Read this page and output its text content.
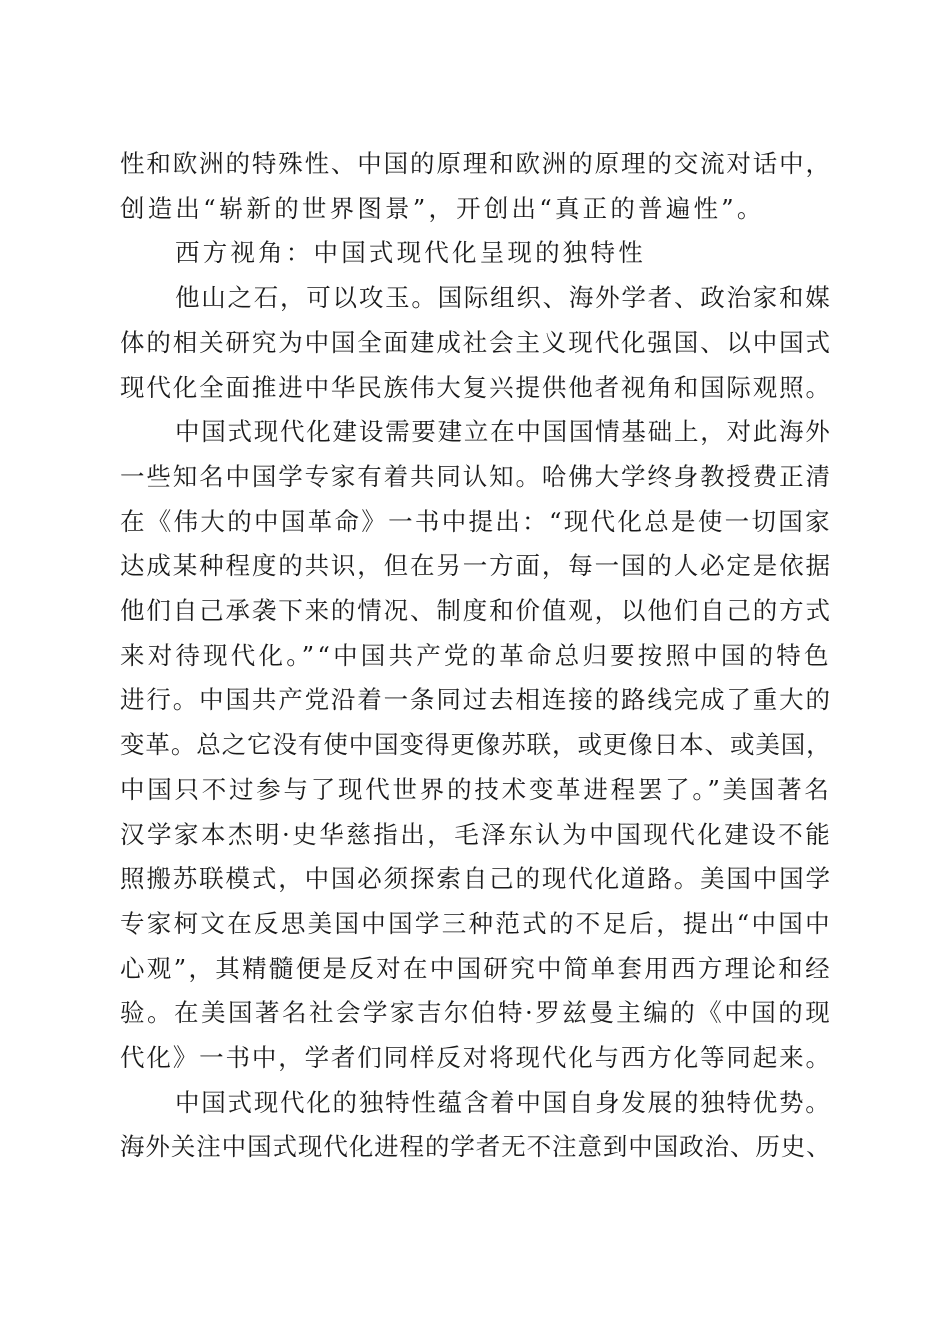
性和欧洲的特殊性、中国的原理和欧洲的原理的交流对话中，
创造出“崭新的世界图景”，开创出“真正的普遍性”。

西方视角：中国式现代化呈现的独特性

他山之石，可以攻玉。国际组织、海外学者、政治家和媒
体的相关研究为中国全面建成社会主义现代化强国、以中国式
现代化全面推进中华民族伟大复兴提供他者视角和国际观照。

中国式现代化建设需要建立在中国国情基础上，对此海外
一些知名中国学专家有着共同认知。哈佛大学终身教授费正清
在《伟大的中国革命》一书中提出：“现代化总是使一切国家
达成某种程度的共识，但在另一方面，每一国的人必定是依据
他们自己承袭下来的情况、制度和价值观，以他们自己的方式
来对待现代化。”“中国共产党的革命总归要按照中国的特色
进行。中国共产党沿着一条同过去相连接的路线完成了重大的
变革。总之它没有使中国变得更像苏联，或更像日本、或美国，
中国只不过参与了现代世界的技术变革进程罢了。”美国著名
汉学家本杰明·史华慈指出，毛泽东认为中国现代化建设不能
照搬苏联模式，中国必须探索自己的现代化道路。美国中国学
专家柯文在反思美国中国学三种范式的不足后，提出“中国中
心观”，其精髓便是反对在中国研究中简单套用西方理论和经
验。在美国著名社会学家吉尔伯特·罗兹曼主编的《中国的现
代化》一书中，学者们同样反对将现代化与西方化等同起来。

中国式现代化的独特性蕴含着中国自身发展的独特优势。
海外关注中国式现代化进程的学者无不注意到中国政治、历史、
